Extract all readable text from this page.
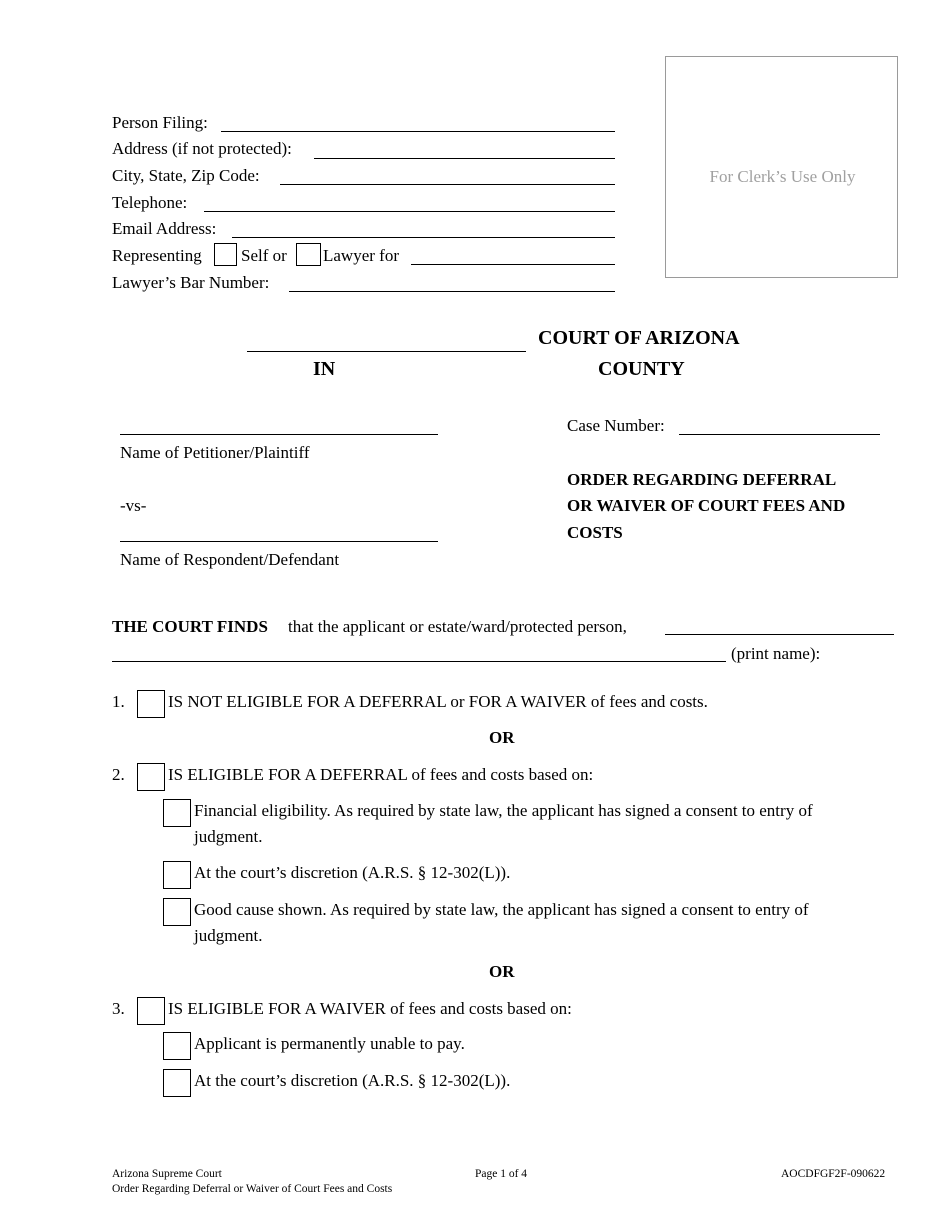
Person Filing:
Address (if not protected):
City, State, Zip Code:
Telephone:
Email Address:
Representing Self or Lawyer for
Lawyer’s Bar Number:
For Clerk’s Use Only
COURT OF ARIZONA
IN	COUNTY
Name of Petitioner/Plaintiff
-vs-
Name of Respondent/Defendant
Case Number:
ORDER REGARDING DEFERRAL
OR WAIVER OF COURT FEES AND
COSTS
THE COURT FINDS that the applicant or estate/ward/protected person,
(print name):
1.	IS NOT ELIGIBLE FOR A DEFERRAL or FOR A WAIVER of fees and costs.
OR
2.	IS ELIGIBLE FOR A DEFERRAL of fees and costs based on:
Financial eligibility. As required by state law, the applicant has signed a consent to entry of
judgment.
At the court’s discretion (A.R.S. § 12-302(L)).
Good cause shown. As required by state law, the applicant has signed a consent to entry of
judgment.
OR
3.	IS ELIGIBLE FOR A WAIVER of fees and costs based on:
Applicant is permanently unable to pay.
At the court’s discretion (A.R.S. § 12-302(L)).
Arizona Supreme Court
Order Regarding Deferral or Waiver of Court Fees and Costs
Page 1 of 4	AOCDFGF2F-090622
